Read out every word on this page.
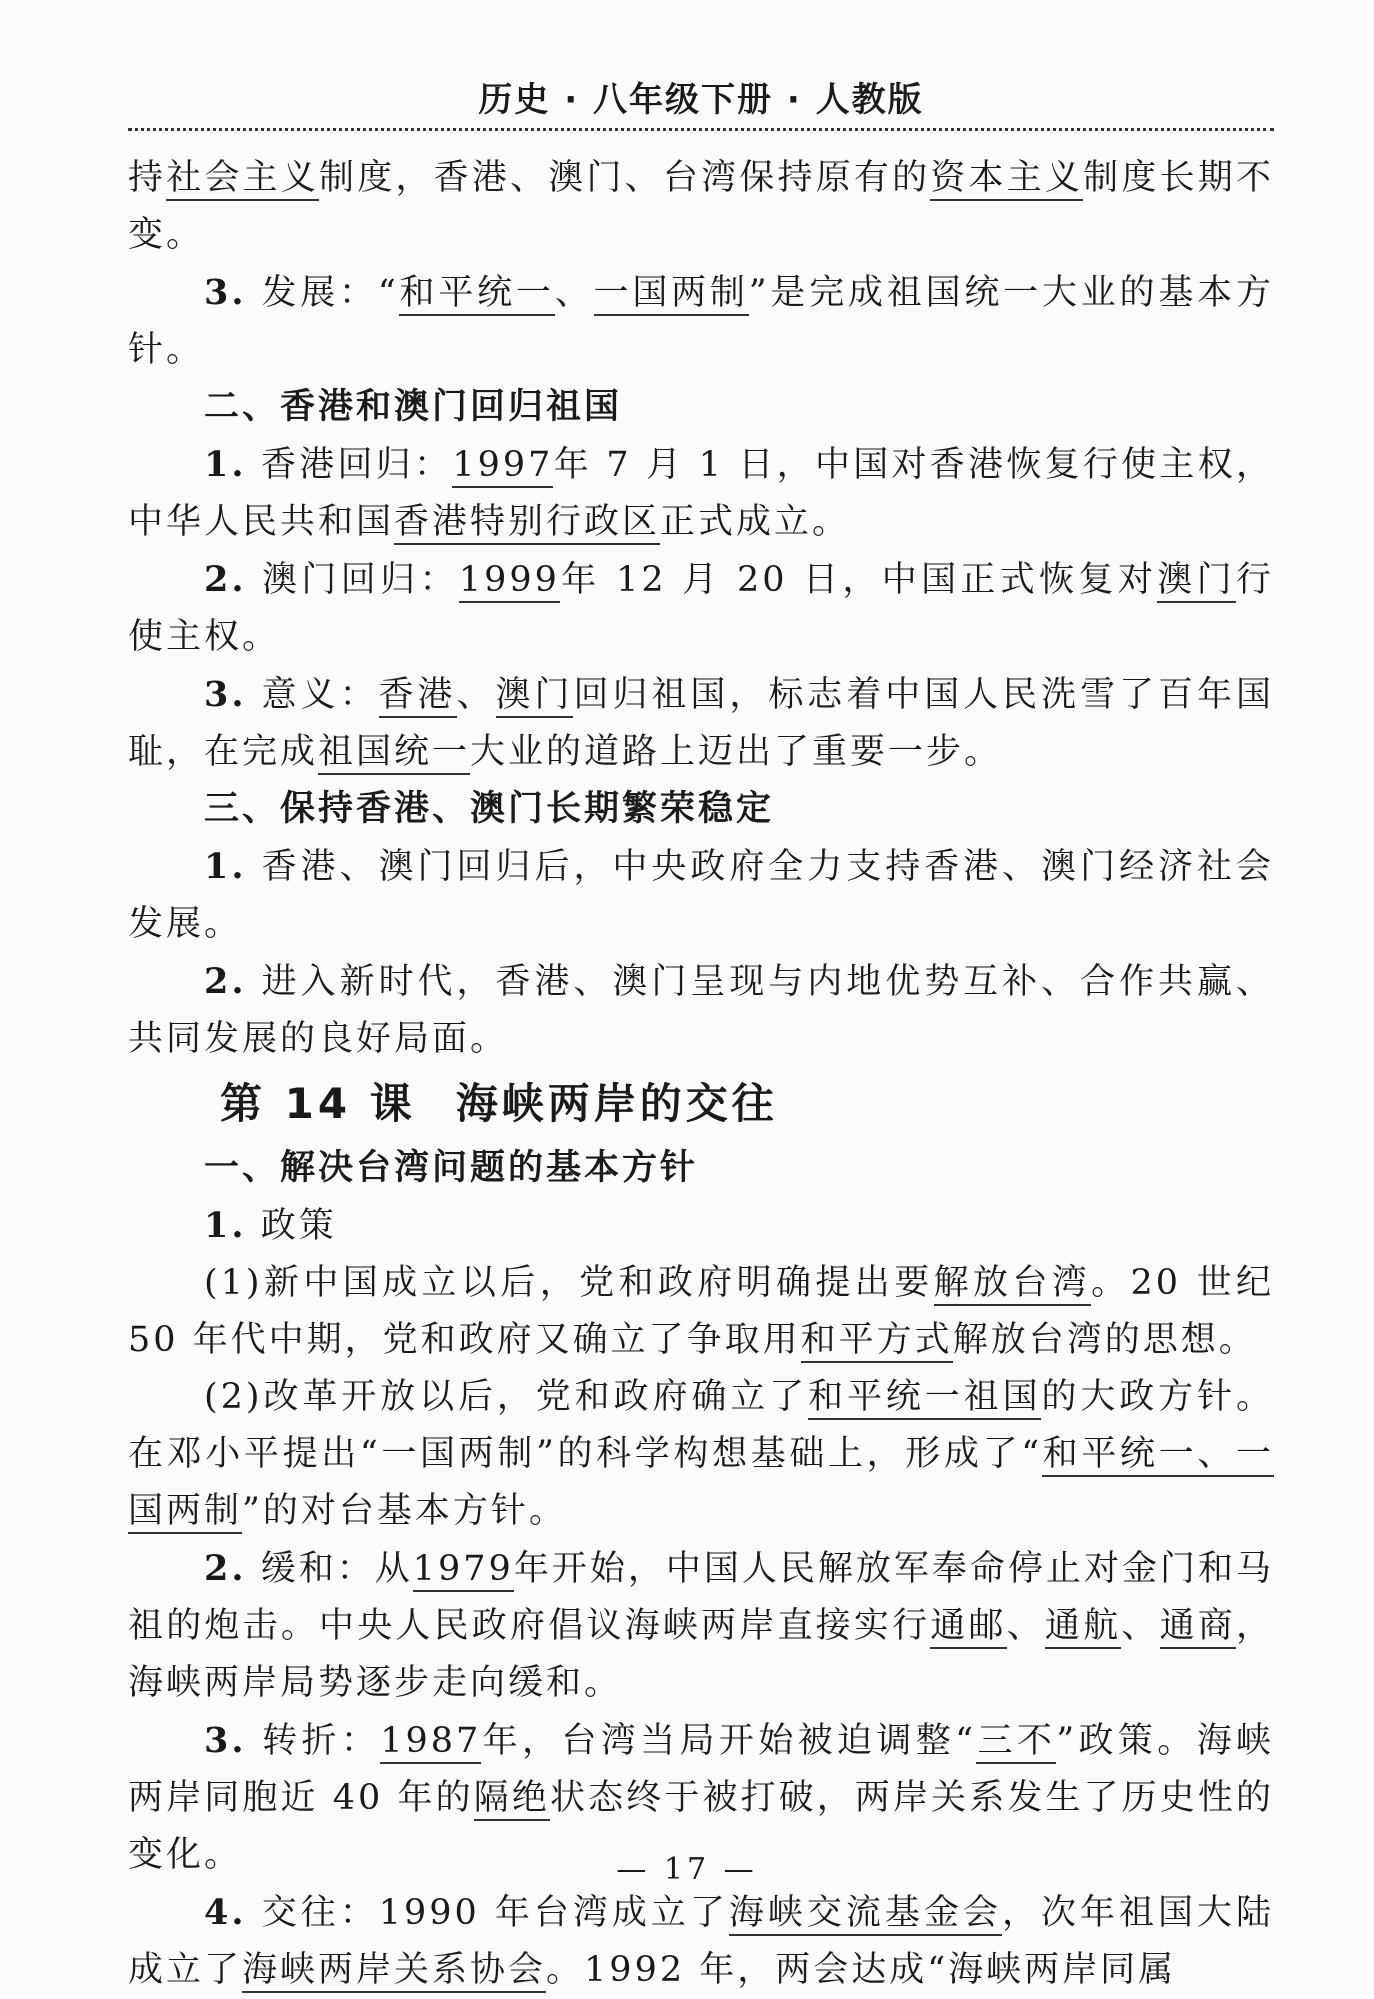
历史 · 八年级下册 · 人教版

持社会主义制度，香港、澳门、台湾保持原有的资本主义制度长期不变。

3. 发展：“和平统一、一国两制”是完成祖国统一大业的基本方针。

二、香港和澳门回归祖国

1. 香港回归：1997年 7 月 1 日，中国对香港恢复行使主权，中华人民共和国香港特别行政区正式成立。

2. 澳门回归：1999年 12 月 20 日，中国正式恢复对澳门行使主权。

3. 意义：香港、澳门回归祖国，标志着中国人民洗雪了百年国耻，在完成祖国统一大业的道路上迈出了重要一步。

三、保持香港、澳门长期繁荣稳定

1. 香港、澳门回归后，中央政府全力支持香港、澳门经济社会发展。

2. 进入新时代，香港、澳门呈现与内地优势互补、合作共赢、共同发展的良好局面。

第 14 课 海峡两岸的交往
一、解决台湾问题的基本方针

1. 政策

(1)新中国成立以后，党和政府明确提出要解放台湾。20 世纪 50 年代中期，党和政府又确立了争取用和平方式解放台湾的思想。

(2)改革开放以后，党和政府确立了和平统一祖国的大政方针。在邓小平提出“一国两制”的科学构想基础上，形成了“和平统一、一国两制”的对台基本方针。

2. 缓和：从1979年开始，中国人民解放军奉命停止对金门和马祖的炮击。中央人民政府倡议海峡两岸直接实行通邮、通航、通商，海峡两岸局势逐步走向缓和。

3. 转折：1987年，台湾当局开始被迫调整“三不”政策。海峡两岸同胞近 40 年的隔绝状态终于被打破，两岸关系发生了历史性的变化。

4. 交往：1990 年台湾成立了海峡交流基金会，次年祖国大陆成立了海峡两岸关系协会。1992 年，两会达成“海峡两岸同属

— 17 —
